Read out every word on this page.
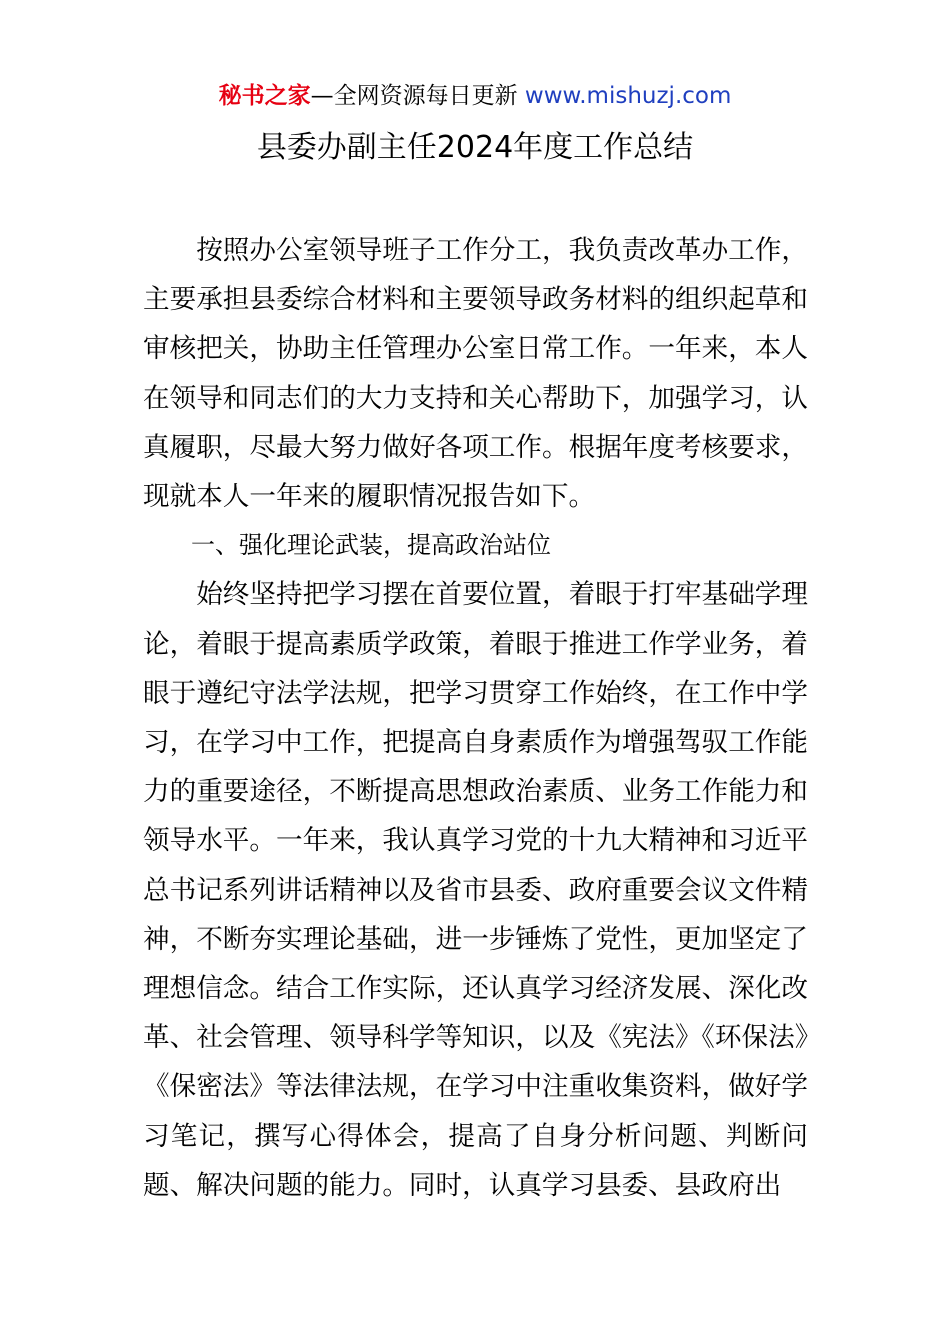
秘书之家—全网资源每日更新 www.mishuzj.com
县委办副主任2024年度工作总结

按照办公室领导班子工作分工，我负责改革办工作，主要承担县委综合材料和主要领导政务材料的组织起草和审核把关，协助主任管理办公室日常工作。一年来，本人在领导和同志们的大力支持和关心帮助下，加强学习，认真履职，尽最大努力做好各项工作。根据年度考核要求，现就本人一年来的履职情况报告如下。

一、强化理论武装，提高政治站位

始终坚持把学习摆在首要位置，着眼于打牢基础学理论，着眼于提高素质学政策，着眼于推进工作学业务，着眼于遵纪守法学法规，把学习贯穿工作始终，在工作中学习，在学习中工作，把提高自身素质作为增强驾驭工作能力的重要途径，不断提高思想政治素质、业务工作能力和领导水平。一年来，我认真学习党的十九大精神和习近平总书记系列讲话精神以及省市县委、政府重要会议文件精神，不断夯实理论基础，进一步锤炼了党性，更加坚定了理想信念。结合工作实际，还认真学习经济发展、深化改革、社会管理、领导科学等知识，以及《宪法》《环保法》《保密法》等法律法规，在学习中注重收集资料，做好学习笔记，撰写心得体会，提高了自身分析问题、判断问题、解决问题的能力。同时，认真学习县委、县政府出
